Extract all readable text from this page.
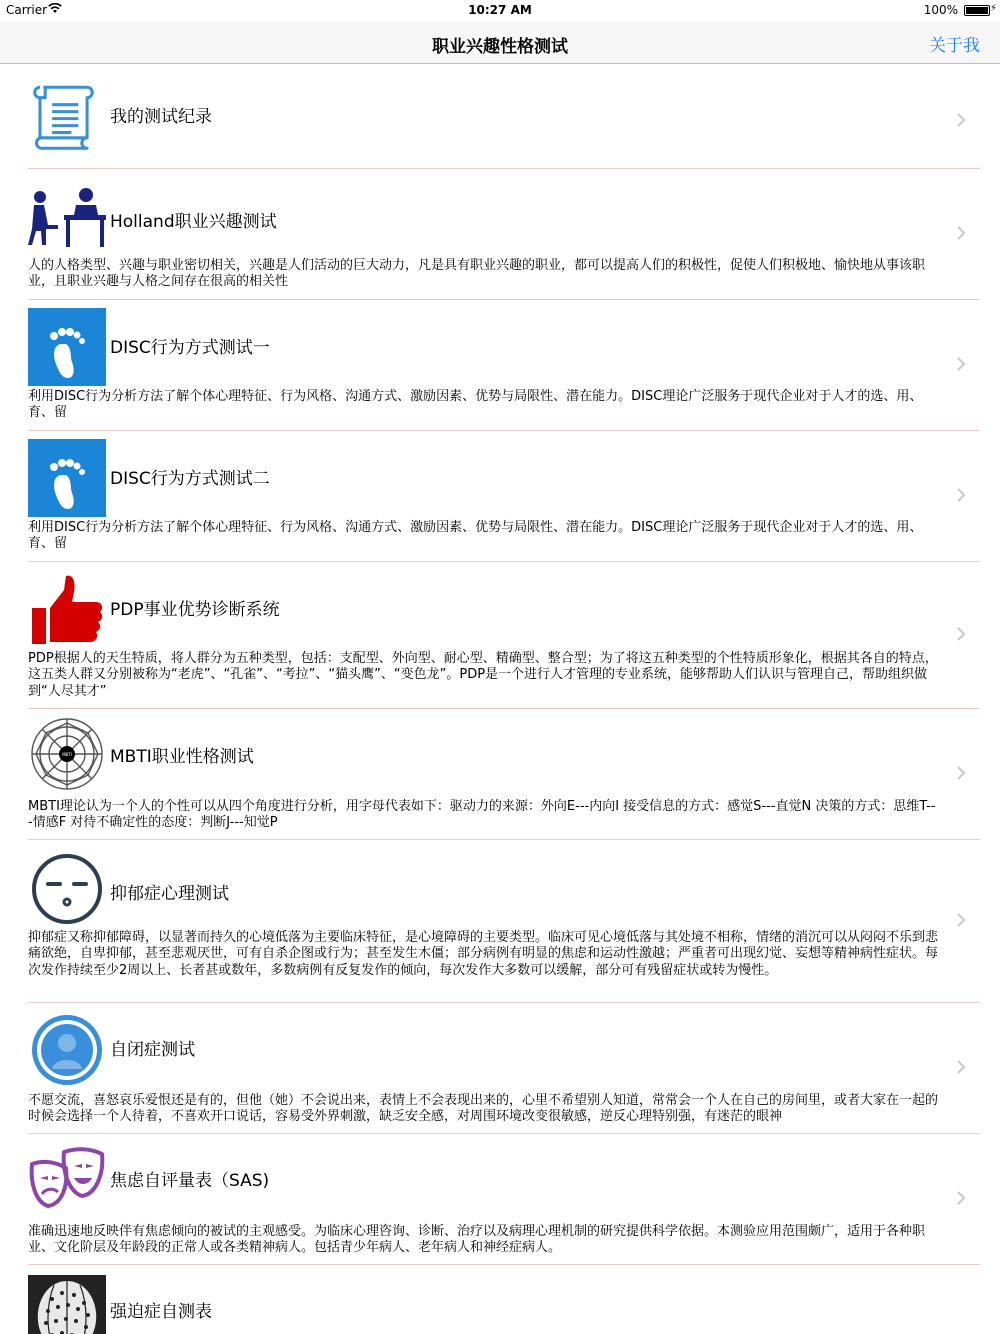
Carrier	10:27 AM	100%	⚡
职业兴趣性格测试	关于我
我的测试纪录
Holland职业兴趣测试
人的人格类型、兴趣与职业密切相关，兴趣是人们活动的巨大动力，凡是具有职业兴趣的职业，都可以提高人们的积极性，促使人们积极地、愉快地从事该职业，且职业兴趣与人格之间存在很高的相关性
DISC行为方式测试一
利用DISC行为分析方法了解个体心理特征、行为风格、沟通方式、激励因素、优势与局限性、潜在能力。DISC理论广泛服务于现代企业对于人才的选、用、育、留
DISC行为方式测试二
利用DISC行为分析方法了解个体心理特征、行为风格、沟通方式、激励因素、优势与局限性、潜在能力。DISC理论广泛服务于现代企业对于人才的选、用、育、留
PDP事业优势诊断系统
PDP根据人的天生特质，将人群分为五种类型，包括：支配型、外向型、耐心型、精确型、整合型；为了将这五种类型的个性特质形象化，根据其各自的特点，这五类人群又分别被称为“老虎”、“孔雀”、“考拉”、“猫头鹰”、“变色龙”。PDP是一个进行人才管理的专业系统，能够帮助人们认识与管理自己，帮助组织做到“人尽其才”
MBTI MBTI职业性格测试
MBTI理论认为一个人的个性可以从四个角度进行分析，用字母代表如下：驱动力的来源：外向E---内向I 接受信息的方式：感觉S---直觉N 决策的方式：思维T---情感F 对待不确定性的态度：判断J---知觉P
抑郁症心理测试
抑郁症又称抑郁障碍，以显著而持久的心境低落为主要临床特征，是心境障碍的主要类型。临床可见心境低落与其处境不相称，情绪的消沉可以从闷闷不乐到悲痛欲绝，自卑抑郁，甚至悲观厌世，可有自杀企图或行为；甚至发生木僵；部分病例有明显的焦虑和运动性激越；严重者可出现幻觉、妄想等精神病性症状。每次发作持续至少2周以上、长者甚或数年，多数病例有反复发作的倾向，每次发作大多数可以缓解，部分可有残留症状或转为慢性。
自闭症测试
不愿交流，喜怒哀乐爱恨还是有的，但他（她）不会说出来，表情上不会表现出来的，心里不希望别人知道，常常会一个人在自己的房间里，或者大家在一起的时候会选择一个人待着，不喜欢开口说话，容易受外界刺激，缺乏安全感，对周围环境改变很敏感，逆反心理特别强，有迷茫的眼神
焦虑自评量表（SAS)
准确迅速地反映伴有焦虑倾向的被试的主观感受。为临床心理咨询、诊断、治疗以及病理心理机制的研究提供科学依据。本测验应用范围颇广，适用于各种职业、文化阶层及年龄段的正常人或各类精神病人。包括青少年病人、老年病人和神经症病人。
强迫症自测表
